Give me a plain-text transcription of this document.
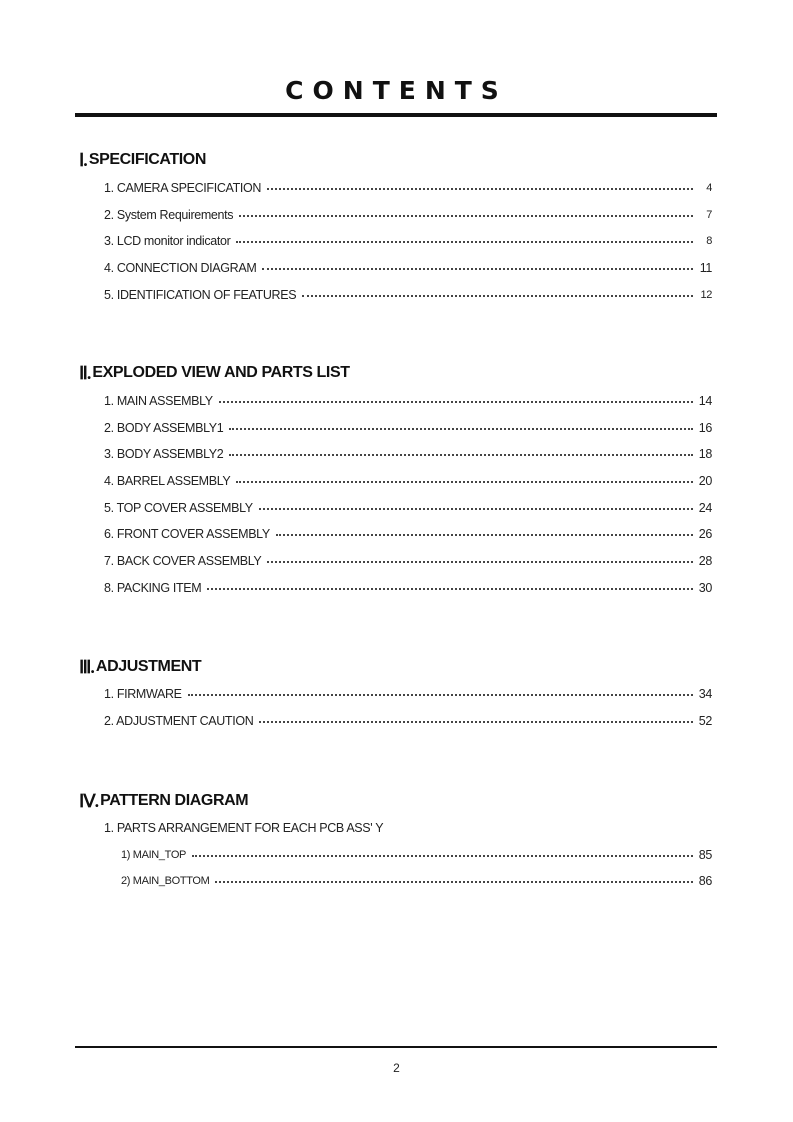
CONTENTS
Ⅰ. SPECIFICATION
1. CAMERA SPECIFICATION	4
2. System Requirements	7
3. LCD monitor indicator	8
4. CONNECTION DIAGRAM	11
5. IDENTIFICATION OF FEATURES	12
Ⅱ. EXPLODED VIEW AND PARTS LIST
1. MAIN ASSEMBLY	14
2. BODY ASSEMBLY1	16
3. BODY ASSEMBLY2	18
4. BARREL ASSEMBLY	20
5. TOP COVER ASSEMBLY	24
6. FRONT COVER ASSEMBLY	26
7. BACK COVER ASSEMBLY	28
8. PACKING ITEM	30
Ⅲ. ADJUSTMENT
1. FIRMWARE	34
2. ADJUSTMENT CAUTION	52
Ⅳ. PATTERN DIAGRAM
1. PARTS ARRANGEMENT FOR EACH PCB ASS' Y
1) MAIN_TOP	85
2) MAIN_BOTTOM	86
2
